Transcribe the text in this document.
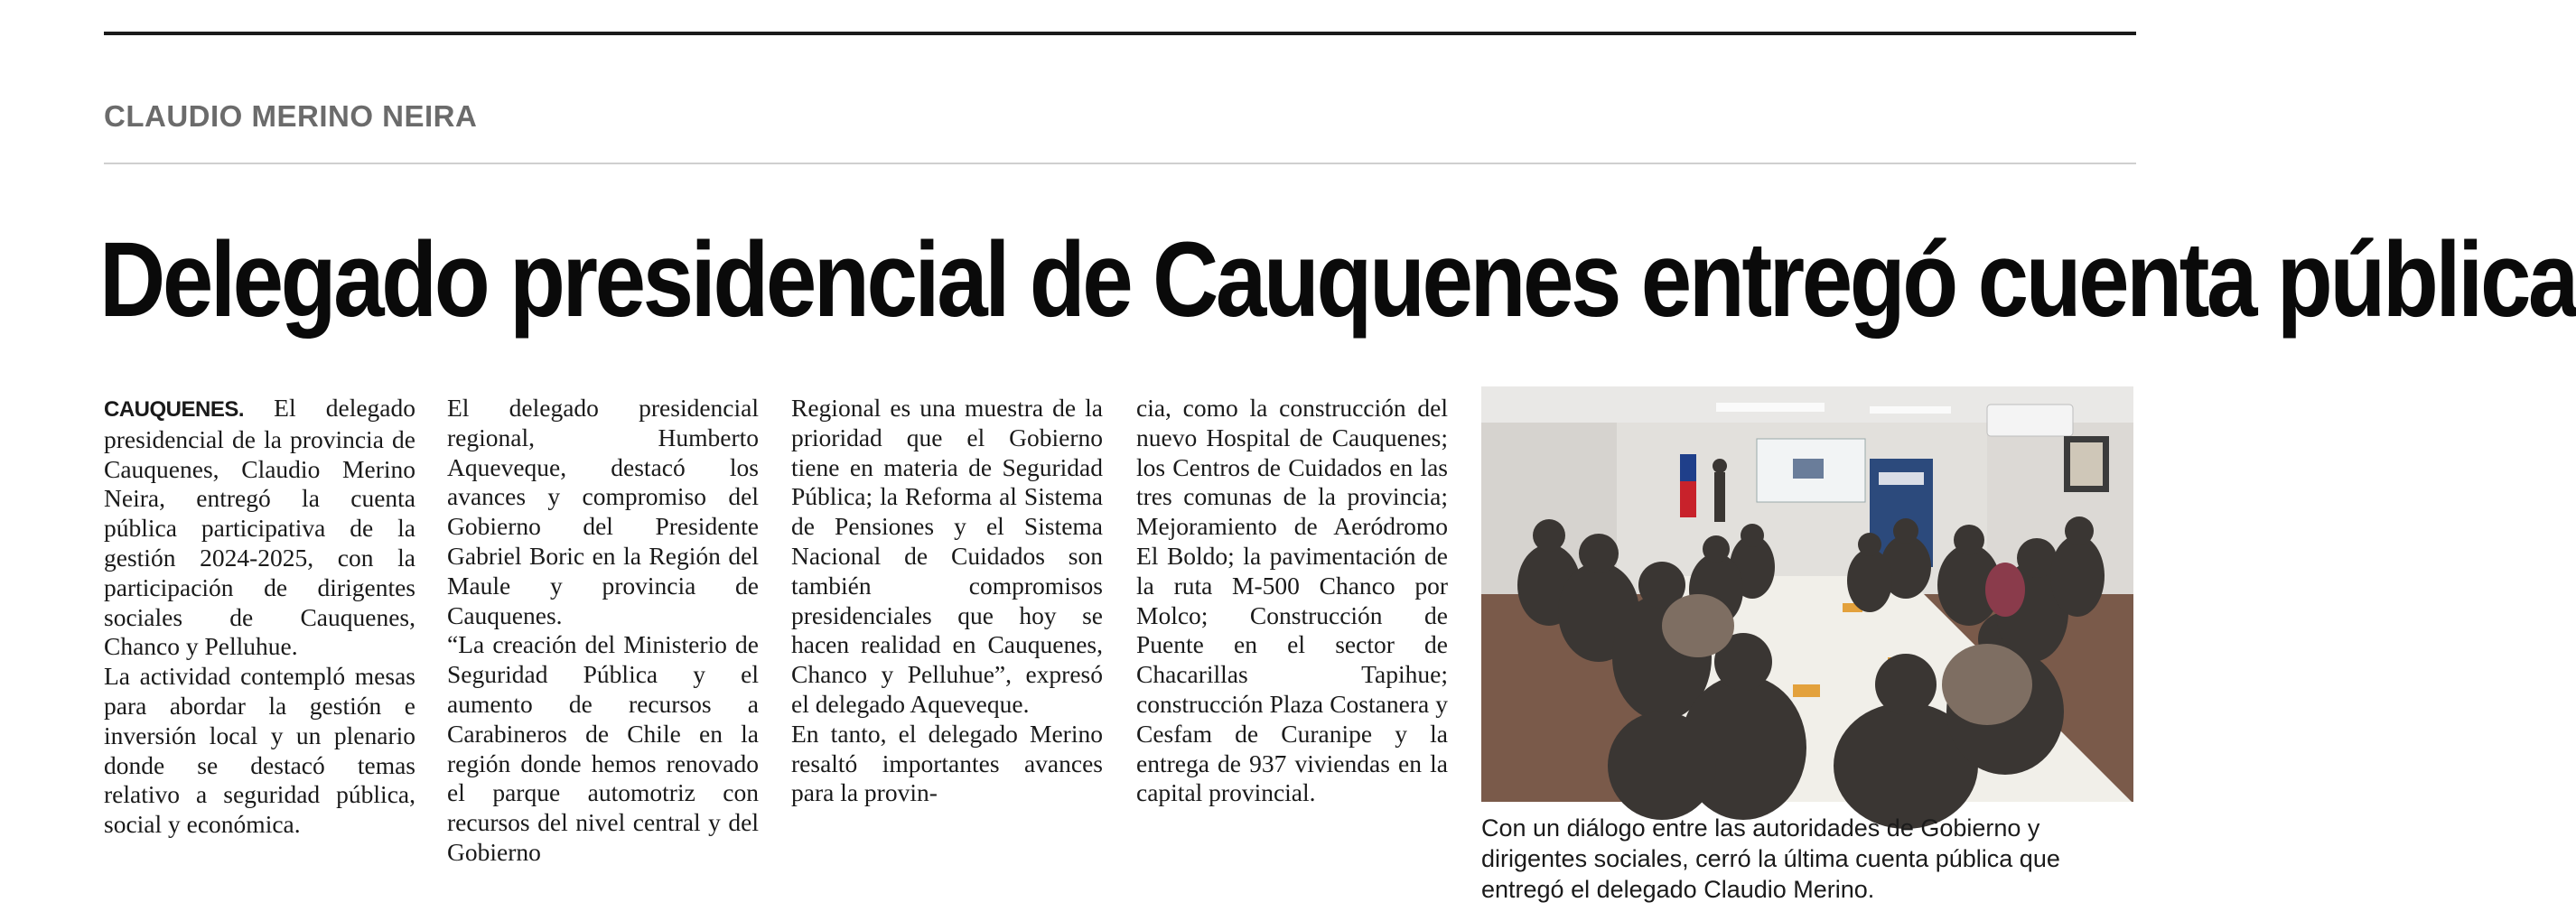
CLAUDIO MERINO NEIRA
Delegado presidencial de Cauquenes entregó cuenta pública

CAUQUENES. El delegado presidencial de la provincia de Cauquenes, Claudio Merino Neira, entregó la cuenta pública participativa de la gestión 2024-2025, con la participación de dirigentes sociales de Cauquenes, Chanco y Pelluhue.

La actividad contempló mesas para abordar la gestión e inversión local y un plenario donde se destacó temas relativo a seguridad pública, social y económica.

El delegado presidencial regional, Humberto Aqueveque, destacó los avances y compromiso del Gobierno del Presidente Gabriel Boric en la Región del Maule y provincia de Cauquenes.

“La creación del Ministerio de Seguridad Pública y el aumento de recursos a Carabineros de Chile en la región donde hemos renovado el parque automotriz con recursos del nivel central y del Gobierno

Regional es una muestra de la prioridad que el Gobierno tiene en materia de Seguridad Pública; la Reforma al Sistema de Pensiones y el Sistema Nacional de Cuidados son también compromisos presidenciales que hoy se hacen realidad en Cauquenes, Chanco y Pelluhue”, expresó el delegado Aqueveque.

En tanto, el delegado Merino resaltó importantes avances para la provin-

cia, como la construcción del nuevo Hospital de Cauquenes; los Centros de Cuidados en las tres comunas de la provincia; Mejoramiento de Aeródromo El Boldo; la pavimentación de la ruta M-500 Chanco por Molco; Construcción de Puente en el sector de Chacarillas Tapihue; construcción Plaza Costanera y Cesfam de Curanipe y la entrega de 937 viviendas en la capital provincial.

Con un diálogo entre las autoridades de Gobierno y dirigentes sociales, cerró la última cuenta pública que entregó el delegado Claudio Merino.
